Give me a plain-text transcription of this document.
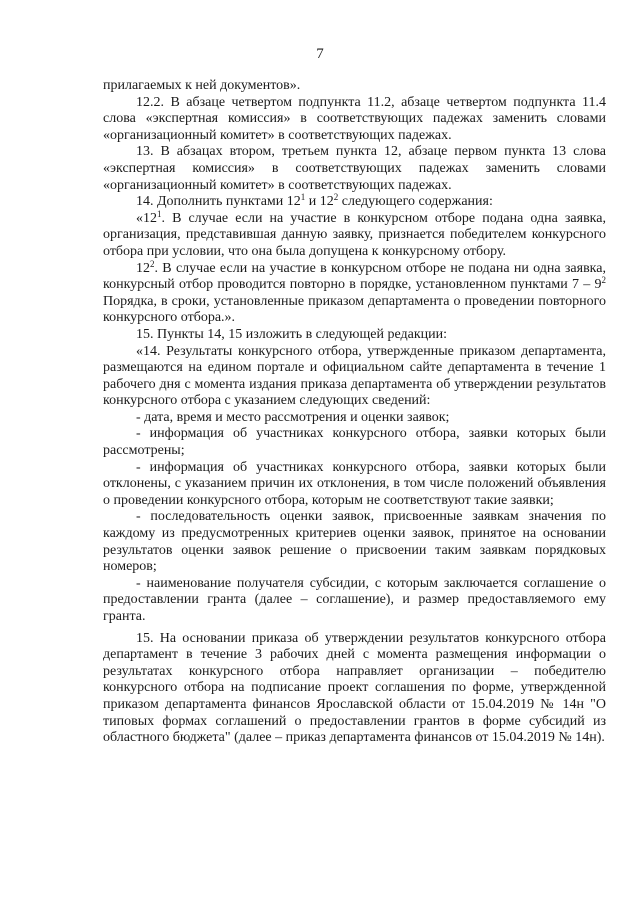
7

прилагаемых к ней документов».

12.2. В абзаце четвертом подпункта 11.2, абзаце четвертом подпункта 11.4 слова «экспертная комиссия» в соответствующих падежах заменить словами «организационный комитет» в соответствующих падежах.

13. В абзацах втором, третьем пункта 12, абзаце первом пункта 13 слова «экспертная комиссия» в соответствующих падежах заменить словами «организационный комитет» в соответствующих падежах.

14. Дополнить пунктами $12^1$ и $12^2$ следующего содержания:

«$12^1$. В случае если на участие в конкурсном отборе подана одна заявка, организация, представившая данную заявку, признается победителем конкурсного отбора при условии, что она была допущена к конкурсному отбору.

$12^2$. В случае если на участие в конкурсном отборе не подана ни одна заявка, конкурсный отбор проводится повторно в порядке, установленном пунктами $7 - 9^2$ Порядка, в сроки, установленные приказом департамента о проведении повторного конкурсного отбора.».

15. Пункты 14, 15 изложить в следующей редакции:

«14. Результаты конкурсного отбора, утвержденные приказом департамента, размещаются на едином портале и официальном сайте департамента в течение 1 рабочего дня с момента издания приказа департамента об утверждении результатов конкурсного отбора с указанием следующих сведений:

- дата, время и место рассмотрения и оценки заявок;

- информация об участниках конкурсного отбора, заявки которых были рассмотрены;

- информация об участниках конкурсного отбора, заявки которых были отклонены, с указанием причин их отклонения, в том числе положений объявления о проведении конкурсного отбора, которым не соответствуют такие заявки;

- последовательность оценки заявок, присвоенные заявкам значения по каждому из предусмотренных критериев оценки заявок, принятое на основании результатов оценки заявок решение о присвоении таким заявкам порядковых номеров;

- наименование получателя субсидии, с которым заключается соглашение о предоставлении гранта (далее – соглашение), и размер предоставляемого ему гранта.

15. На основании приказа об утверждении результатов конкурсного отбора департамент в течение 3 рабочих дней с момента размещения информации о результатах конкурсного отбора направляет организации – победителю конкурсного отбора на подписание проект соглашения по форме, утвержденной приказом департамента финансов Ярославской области от 15.04.2019 № 14н "О типовых формах соглашений о предоставлении грантов в форме субсидий из областного бюджета" (далее – приказ департамента финансов от 15.04.2019 № 14н).
